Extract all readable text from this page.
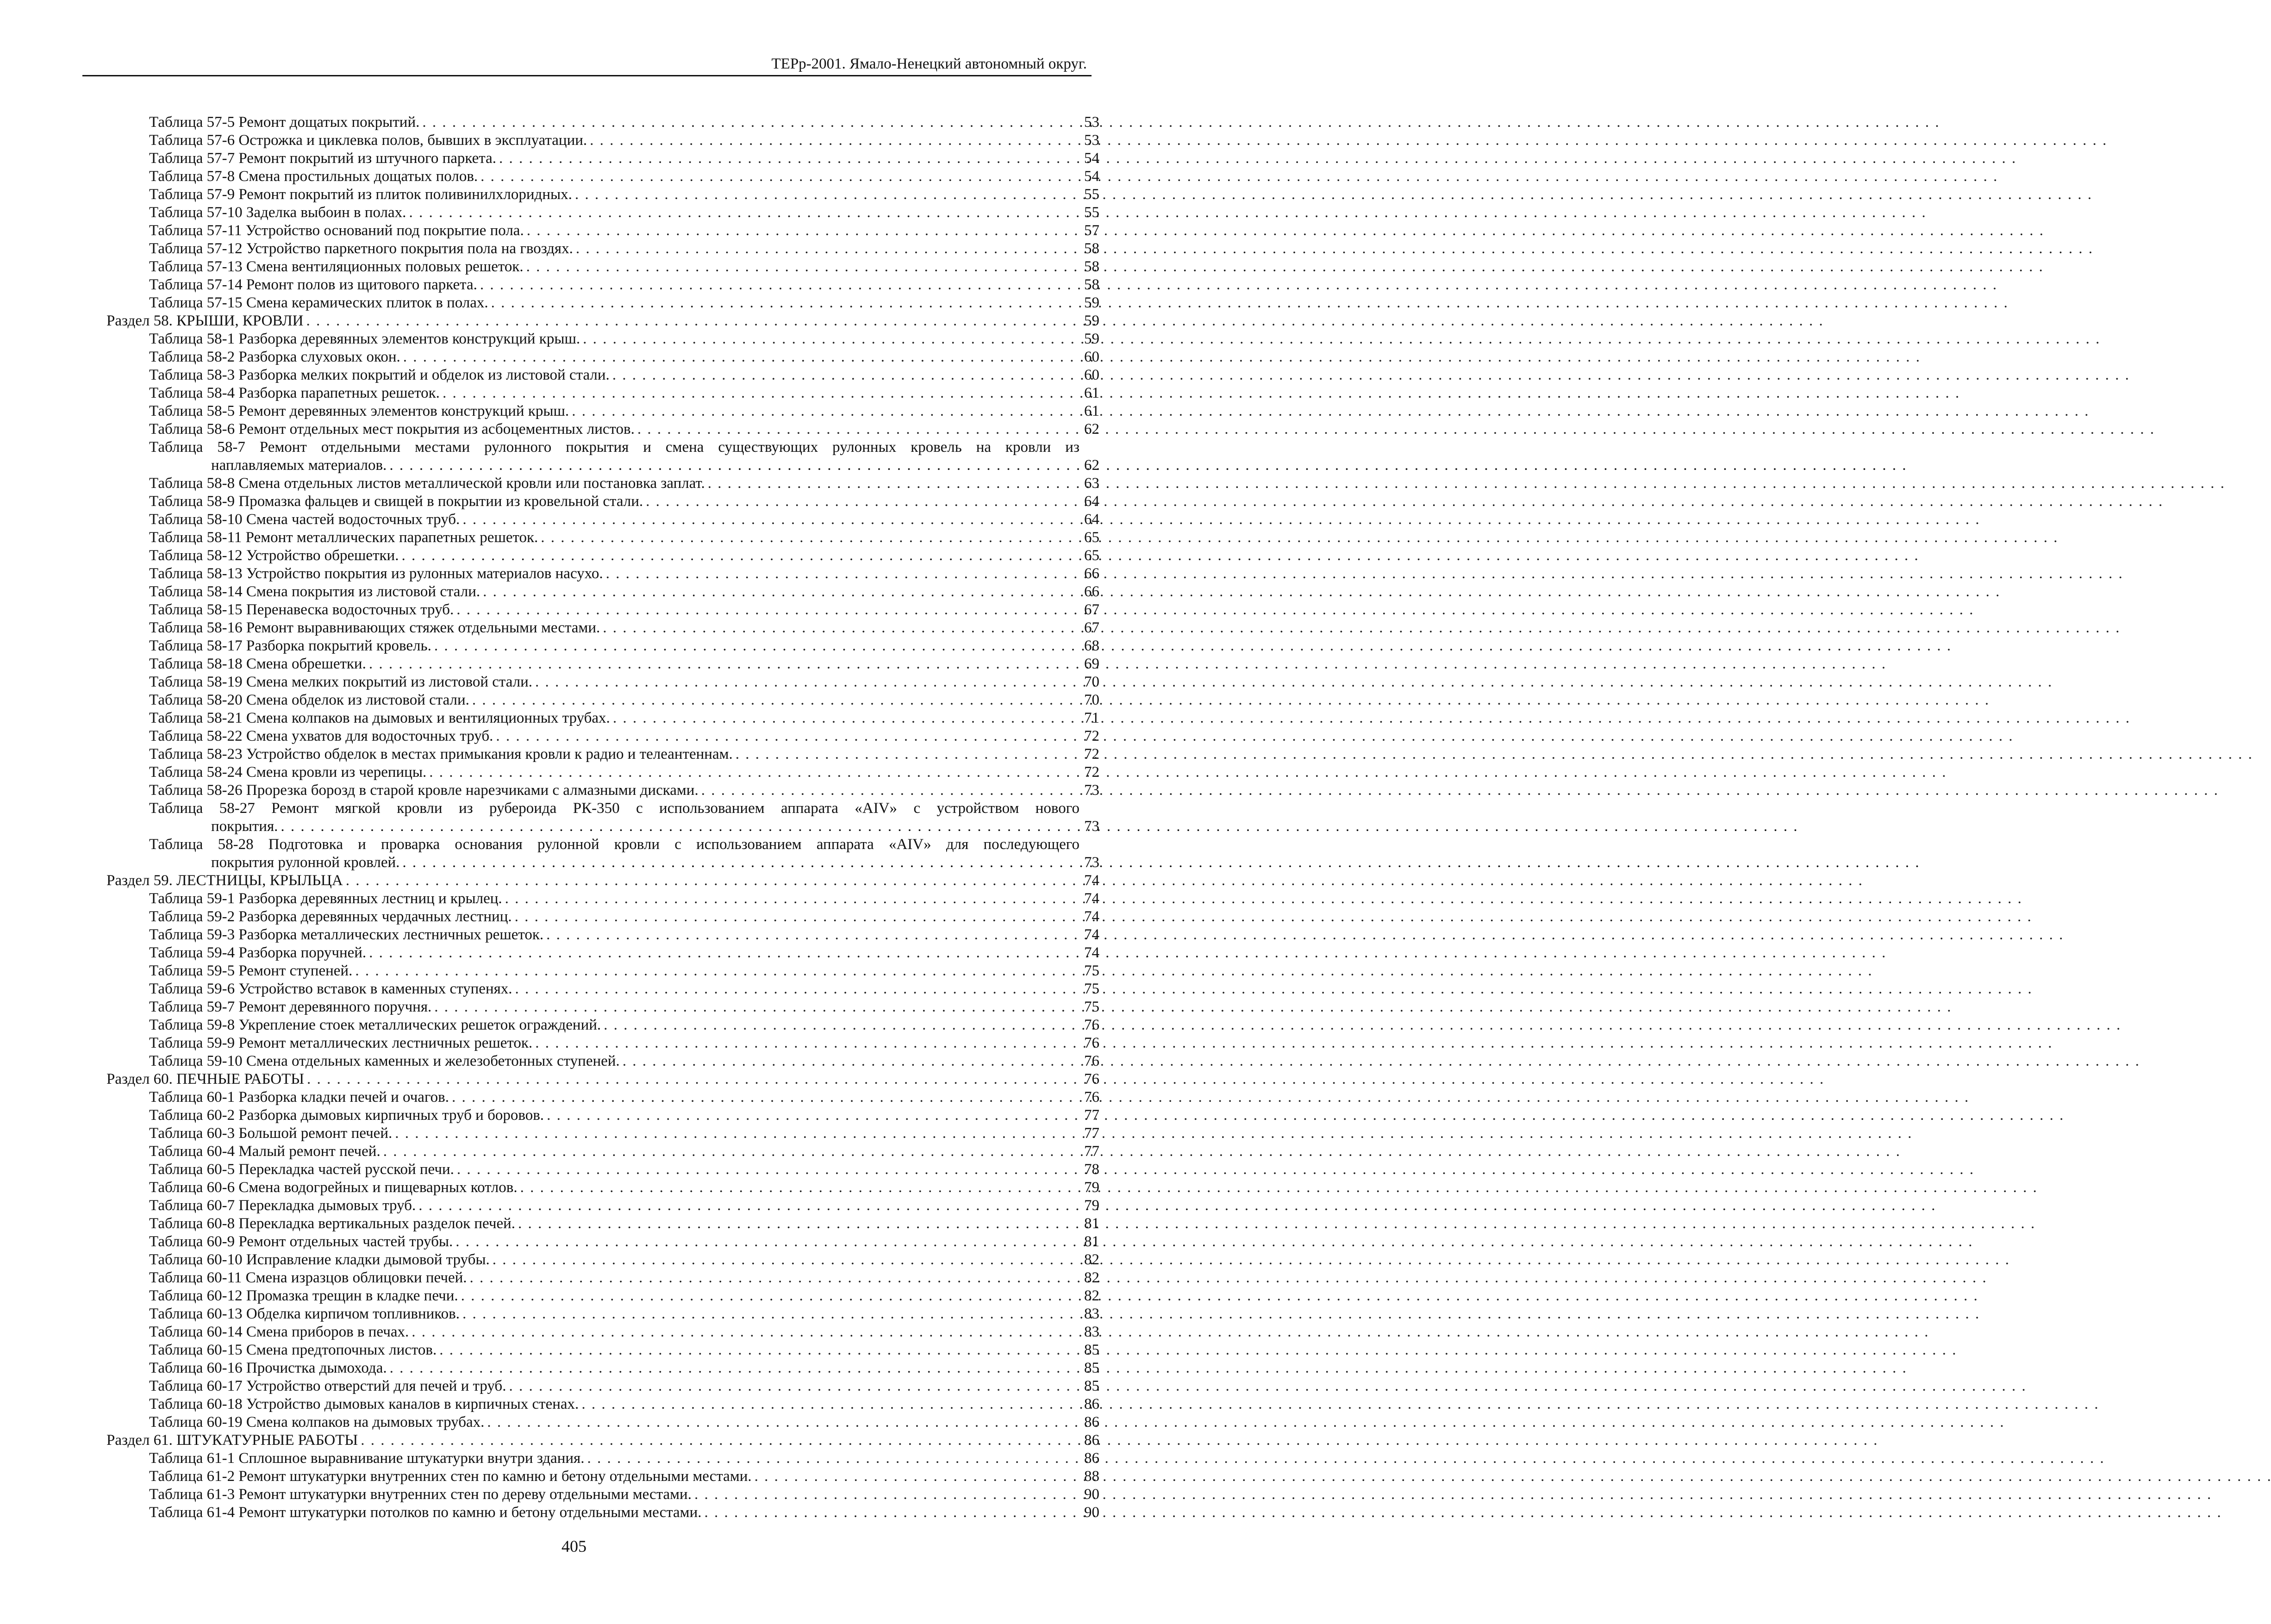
ТЕРр-2001. Ямало-Ненецкий автономный округ.
Таблица 57-5 Ремонт дощатых покрытий. . . .	53
Таблица 57-6 Острожка и циклевка полов, бывших в эксплуатации. . . .	53
Таблица 57-7 Ремонт покрытий из штучного паркета. . . .	54
Таблица 57-8 Смена простильных дощатых полов. . . .	54
Таблица 57-9 Ремонт покрытий из плиток поливинилхлоридных. . . .	55
Таблица 57-10 Заделка выбоин в полах. . . .	55
Таблица 57-11 Устройство оснований под покрытие пола. . . .	57
Таблица 57-12 Устройство паркетного покрытия пола на гвоздях. . . .	58
Таблица 57-13 Смена вентиляционных половых решеток. . . .	58
Таблица 57-14 Ремонт полов из щитового паркета. . . .	58
Таблица 57-15 Смена керамических плиток в полах. . . .	59
Раздел 58. КРЫШИ, КРОВЛИ . . .	59
Таблица 58-1 Разборка деревянных элементов конструкций крыш. . . .	59
Таблица 58-2 Разборка слуховых окон. . . .	60
Таблица 58-3 Разборка мелких покрытий и обделок из листовой стали. . . .	60
Таблица 58-4 Разборка парапетных решеток. . . .	61
Таблица 58-5 Ремонт деревянных элементов конструкций крыш. . . .	61
Таблица 58-6 Ремонт отдельных мест покрытия из асбоцементных листов. . . .	62
Таблица 58-7 Ремонт отдельными местами рулонного покрытия и смена существующих рулонных кровель на кровли из
наплавляемых материалов. . . .	62
Таблица 58-8 Смена отдельных листов металлической кровли или постановка заплат. . . .	63
Таблица 58-9 Промазка фальцев и свищей в покрытии из кровельной стали. . . .	64
Таблица 58-10 Смена частей водосточных труб. . . .	64
Таблица 58-11 Ремонт металлических парапетных решеток. . . .	65
Таблица 58-12 Устройство обрешетки. . . .	65
Таблица 58-13 Устройство покрытия из рулонных материалов насухо. . . .	66
Таблица 58-14 Смена покрытия из листовой стали. . . .	66
Таблица 58-15 Перенавеска водосточных труб. . . .	67
Таблица 58-16 Ремонт выравнивающих стяжек отдельными местами. . . .	67
Таблица 58-17 Разборка покрытий кровель. . . .	68
Таблица 58-18 Смена обрешетки. . . .	69
Таблица 58-19 Смена мелких покрытий из листовой стали. . . .	70
Таблица 58-20 Смена обделок из листовой стали. . . .	70
Таблица 58-21 Смена колпаков на дымовых и вентиляционных трубах. . . .	71
Таблица 58-22 Смена ухватов для водосточных труб. . . .	72
Таблица 58-23 Устройство обделок в местах примыкания кровли к радио и телеантеннам. . . .	72
Таблица 58-24 Смена кровли из черепицы. . . .	72
Таблица 58-26 Прорезка борозд в старой кровле нарезчиками с алмазными дисками. . . .	73
Таблица 58-27 Ремонт мягкой кровли из рубероида РК-350 с использованием аппарата «AIV» с устройством нового
покрытия. . . .	73
Таблица 58-28 Подготовка и проварка основания рулонной кровли с использованием аппарата «AIV» для последующего
покрытия рулонной кровлей. . . .	73
Раздел 59. ЛЕСТНИЦЫ, КРЫЛЬЦА . . .	74
Таблица 59-1 Разборка деревянных лестниц и крылец. . . .	74
Таблица 59-2 Разборка деревянных чердачных лестниц. . . .	74
Таблица 59-3 Разборка металлических лестничных решеток. . . .	74
Таблица 59-4 Разборка поручней. . . .	74
Таблица 59-5 Ремонт ступеней. . . .	75
Таблица 59-6 Устройство вставок в каменных ступенях. . . .	75
Таблица 59-7 Ремонт деревянного поручня. . . .	75
Таблица 59-8 Укрепление стоек металлических решеток ограждений. . . .	76
Таблица 59-9 Ремонт металлических лестничных решеток. . . .	76
Таблица 59-10 Смена отдельных каменных и железобетонных ступеней. . . .	76
Раздел 60. ПЕЧНЫЕ РАБОТЫ . . .	76
Таблица 60-1 Разборка кладки печей и очагов. . . .	76
Таблица 60-2 Разборка дымовых кирпичных труб и боровов. . . .	77
Таблица 60-3 Большой ремонт печей. . . .	77
Таблица 60-4 Малый ремонт печей. . . .	77
Таблица 60-5 Перекладка частей русской печи. . . .	78
Таблица 60-6 Смена водогрейных и пищеварных котлов. . . .	79
Таблица 60-7 Перекладка дымовых труб. . . .	79
Таблица 60-8 Перекладка вертикальных разделок печей. . . .	81
Таблица 60-9 Ремонт отдельных частей трубы. . . .	81
Таблица 60-10 Исправление кладки дымовой трубы. . . .	82
Таблица 60-11 Смена изразцов облицовки печей. . . .	82
Таблица 60-12 Промазка трещин в кладке печи. . . .	82
Таблица 60-13 Обделка кирпичом топливников. . . .	83
Таблица 60-14 Смена приборов в печах. . . .	83
Таблица 60-15 Смена предтопочных листов. . . .	85
Таблица 60-16 Прочистка дымохода. . . .	85
Таблица 60-17 Устройство отверстий для печей и труб. . . .	85
Таблица 60-18 Устройство дымовых каналов в кирпичных стенах. . . .	86
Таблица 60-19 Смена колпаков на дымовых трубах. . . .	86
Раздел 61. ШТУКАТУРНЫЕ РАБОТЫ . . .	86
Таблица 61-1 Сплошное выравнивание штукатурки внутри здания. . . .	86
Таблица 61-2 Ремонт штукатурки внутренних стен по камню и бетону отдельными местами. . . .	88
Таблица 61-3 Ремонт штукатурки внутренних стен по дереву отдельными местами. . . .	90
Таблица 61-4 Ремонт штукатурки потолков по камню и бетону отдельными местами. . . .	90
405
